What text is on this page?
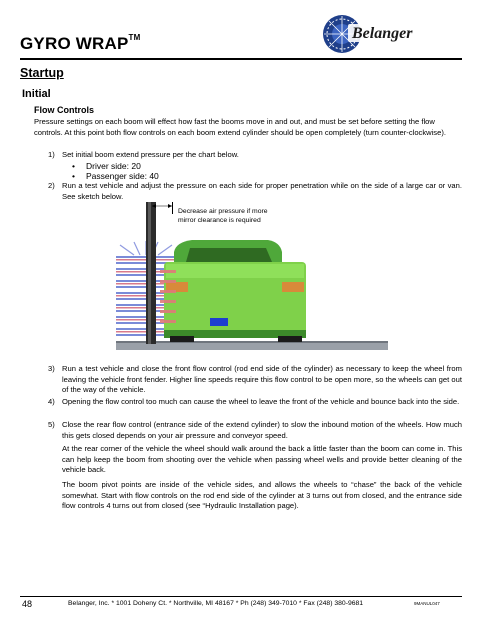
GYRO WRAP™	Belanger
Startup
Initial
Flow Controls
Pressure settings on each boom will effect how fast the booms move in and out, and must be set before setting the flow controls. At this point both flow controls on each boom extend cylinder should be open completely (turn counter-clockwise).
1) Set initial boom extend pressure per the chart below.
• Driver side: 20
• Passenger side: 40
2) Run a test vehicle and adjust the pressure on each side for proper penetration while on the side of a large car or van. See sketch below.
Decrease air pressure if more mirror clearance is required
3) Run a test vehicle and close the front flow control (rod end side of the cylinder) as necessary to keep the wheel from leaving the vehicle front fender. Higher line speeds require this flow control to be open more, so the wheels can get out of the way of the vehicle.
4) Opening the flow control too much can cause the wheel to leave the front of the vehicle and bounce back into the side.
5) Close the rear flow control (entrance side of the extend cylinder) to slow the inbound motion of the wheels. How much this gets closed depends on your air pressure and conveyor speed.
At the rear corner of the vehicle the wheel should walk around the back a little faster than the boom can come in. This can help keep the boom from shooting over the vehicle when passing wheel wells and provide better cleaning of the vehicle back.
The boom pivot points are inside of the vehicle sides, and allows the wheels to “chase” the back of the vehicle somewhat. Start with flow controls on the rod end side of the cylinder at 3 turns out from closed, and the entrance side flow controls 4 turns out from closed (see “Hydraulic Installation page).
48	Belanger, Inc. * 1001 Doheny Ct. * Northville, MI 48167 * Ph (248) 349-7010 * Fax (248) 380-9681	9MANUL047
